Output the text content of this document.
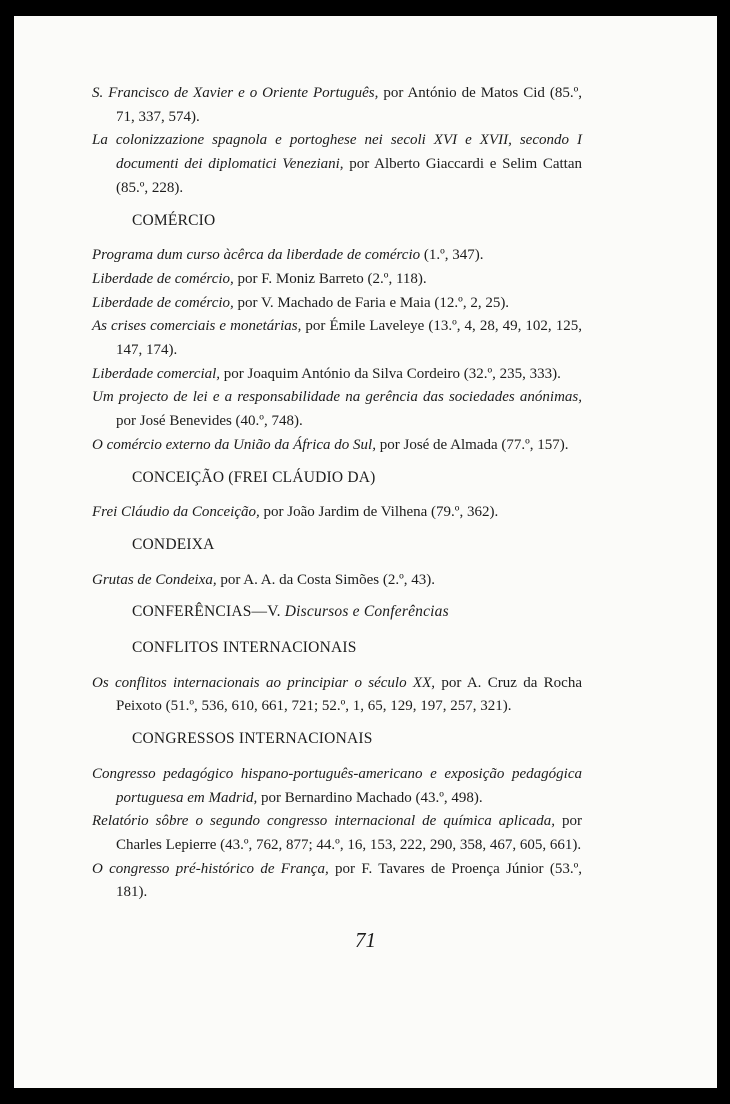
S. Francisco de Xavier e o Oriente Português, por António de Matos Cid (85.º, 71, 337, 574).

La colonizzazione spagnola e portoghese nei secoli XVI e XVII, secondo I documenti dei diplomatici Veneziani, por Alberto Giaccardi e Selim Cattan (85.º, 228).

COMÉRCIO

Programa dum curso àcêrca da liberdade de comércio (1.º, 347).

Liberdade de comércio, por F. Moniz Barreto (2.º, 118).

Liberdade de comércio, por V. Machado de Faria e Maia (12.º, 2, 25).

As crises comerciais e monetárias, por Émile Laveleye (13.º, 4, 28, 49, 102, 125, 147, 174).

Liberdade comercial, por Joaquim António da Silva Cordeiro (32.º, 235, 333).

Um projecto de lei e a responsabilidade na gerência das sociedades anónimas, por José Benevides (40.º, 748).

O comércio externo da União da África do Sul, por José de Almada (77.º, 157).

CONCEIÇÃO (FREI CLÁUDIO DA)

Frei Cláudio da Conceição, por João Jardim de Vilhena (79.º, 362).

CONDEIXA

Grutas de Condeixa, por A. A. da Costa Simões (2.º, 43).

CONFERÊNCIAS—V. Discursos e Conferências
CONFLITOS INTERNACIONAIS

Os conflitos internacionais ao principiar o século XX, por A. Cruz da Rocha Peixoto (51.º, 536, 610, 661, 721; 52.º, 1, 65, 129, 197, 257, 321).

CONGRESSOS INTERNACIONAIS

Congresso pedagógico hispano-português-americano e exposição pedagógica portuguesa em Madrid, por Bernardino Machado (43.º, 498).

Relatório sôbre o segundo congresso internacional de química aplicada, por Charles Lepierre (43.º, 762, 877; 44.º, 16, 153, 222, 290, 358, 467, 605, 661).

O congresso pré-histórico de França, por F. Tavares de Proença Júnior (53.º, 181).

71
